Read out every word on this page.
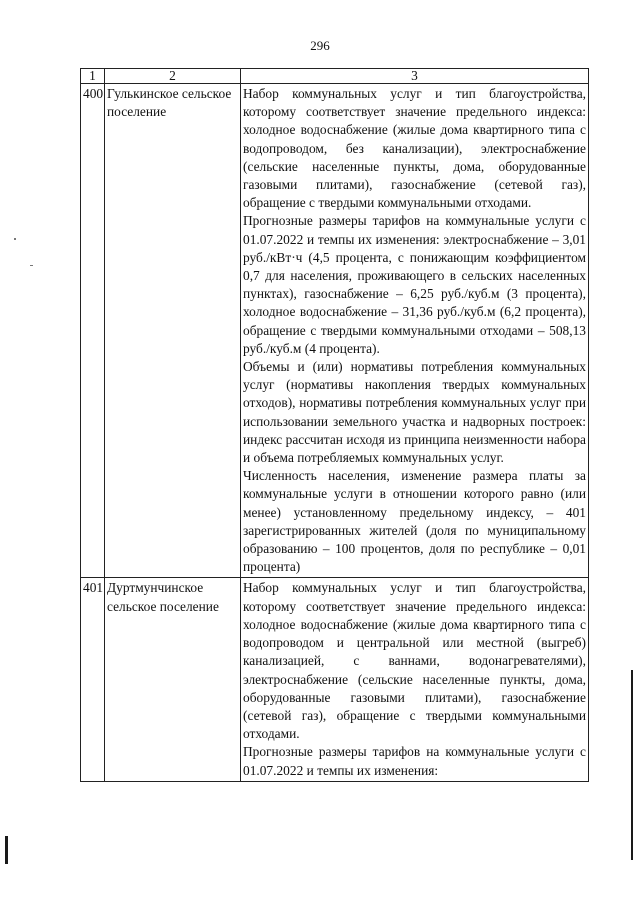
296
1	2	3
400	Гулькинское сельское поселение	Набор коммунальных услуг и тип благоустройства, которому соответствует значение предельного индекса: холодное водоснабжение (жилые дома квартирного типа с водопроводом, без канализации), электроснабжение (сельские населенные пункты, дома, оборудованные газовыми плитами), газоснабжение (сетевой газ), обращение с твердыми коммунальными отходами.

Прогнозные размеры тарифов на коммунальные услуги с 01.07.2022 и темпы их изменения: электроснабжение – 3,01 руб./кВт·ч (4,5 процента, с понижающим коэффициентом 0,7 для населения, проживающего в сельских населенных пунктах), газоснабжение – 6,25 руб./куб.м (3 процента), холодное водоснабжение – 31,36 руб./куб.м (6,2 процента), обращение с твердыми коммунальными отходами – 508,13 руб./куб.м (4 процента).

Объемы и (или) нормативы потребления коммунальных услуг (нормативы накопления твердых коммунальных отходов), нормативы потребления коммунальных услуг при использовании земельного участка и надворных построек: индекс рассчитан исходя из принципа неизменности набора и объема потребляемых коммунальных услуг.

Численность населения, изменение размера платы за коммунальные услуги в отношении которого равно (или менее) установленному предельному индексу, – 401 зарегистрированных жителей (доля по муниципальному образованию – 100 процентов, доля по республике – 0,01 процента)

401	Дуртмунчинское сельское поселение	Набор коммунальных услуг и тип благоустройства, которому соответствует значение предельного индекса: холодное водоснабжение (жилые дома квартирного типа с водопроводом и центральной или местной (выгреб) канализацией, с ваннами, водонагревателями), электроснабжение (сельские населенные пункты, дома, оборудованные газовыми плитами), газоснабжение (сетевой газ), обращение с твердыми коммунальными отходами.

Прогнозные размеры тарифов на коммунальные услуги с 01.07.2022 и темпы их изменения:
